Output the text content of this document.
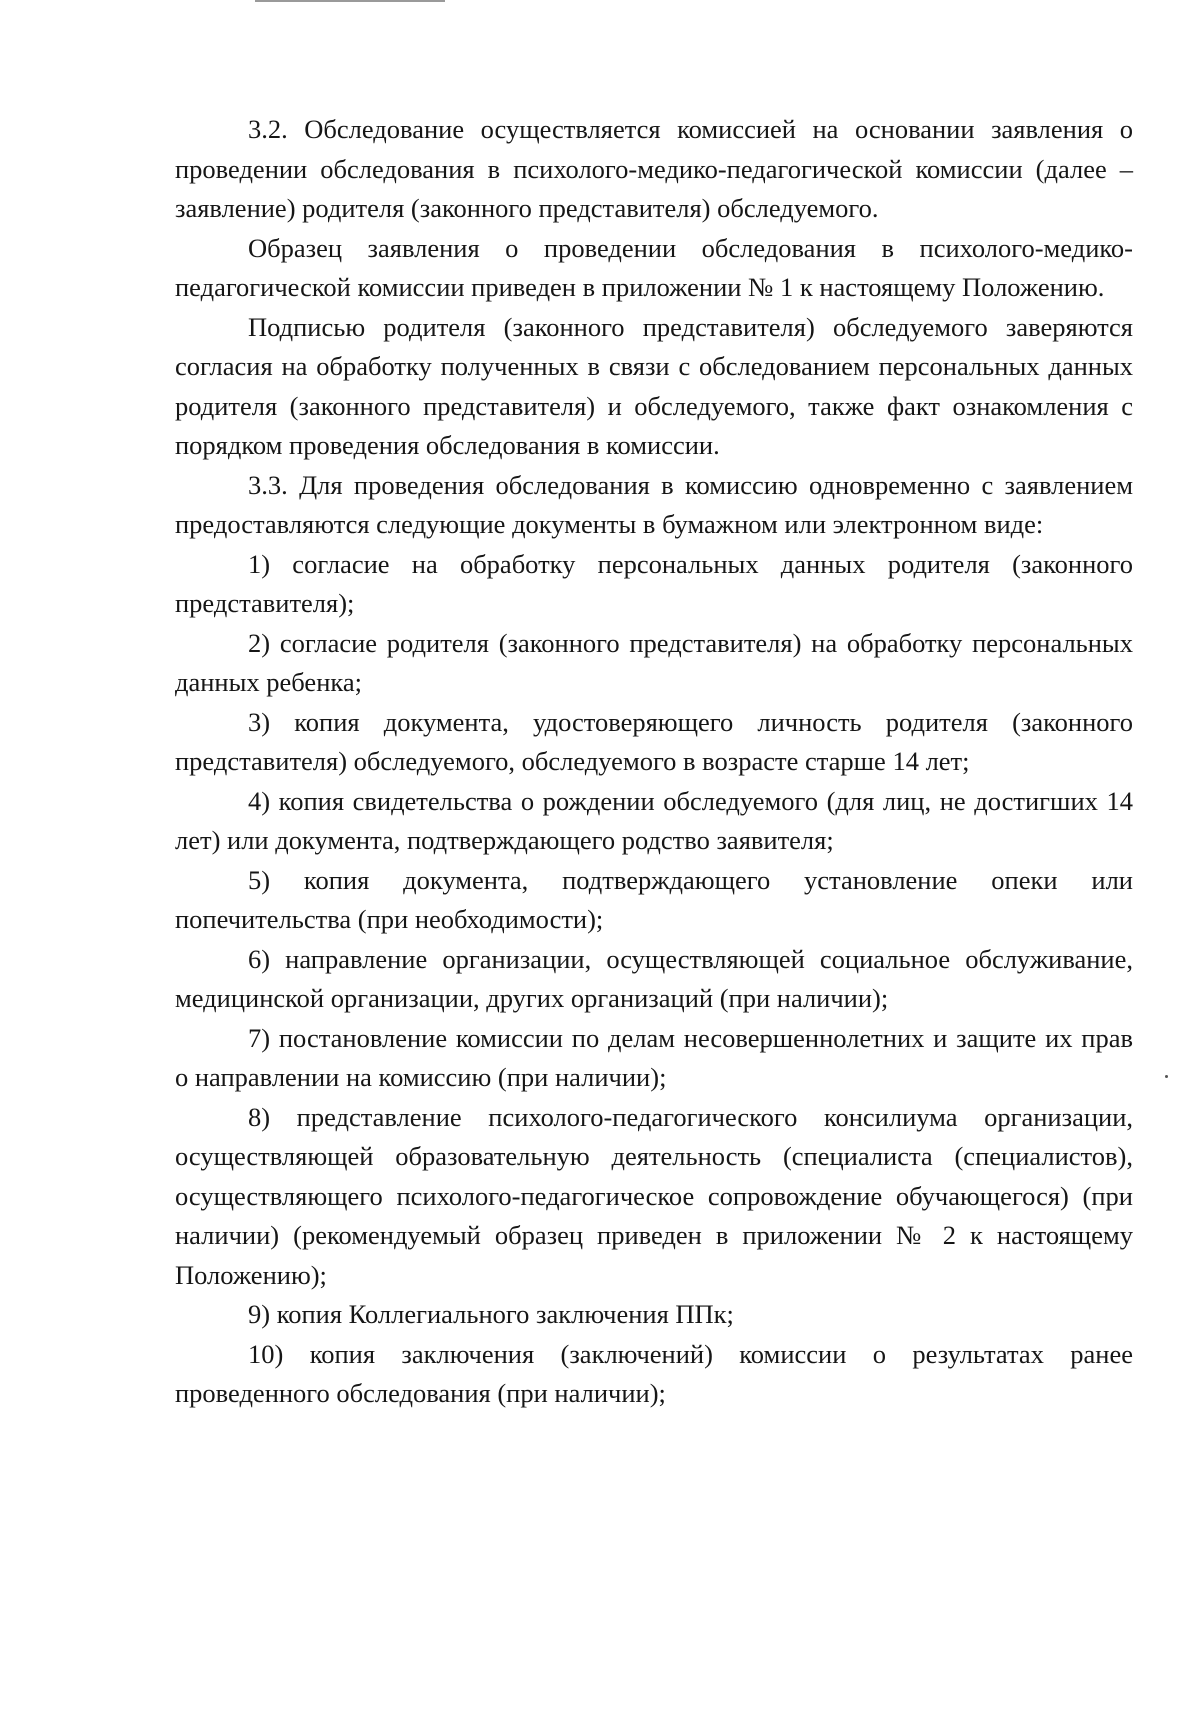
3.2. Обследование осуществляется комиссией на основании заявления о проведении обследования в психолого-медико-педагогической комиссии (далее – заявление) родителя (законного представителя) обследуемого.

Образец заявления о проведении обследования в психолого-медико-педагогической комиссии приведен в приложении № 1 к настоящему Положению.

Подписью родителя (законного представителя) обследуемого заверяются согласия на обработку полученных в связи с обследованием персональных данных родителя (законного представителя) и обследуемого, также факт ознакомления с порядком проведения обследования в комиссии.

3.3. Для проведения обследования в комиссию одновременно с заявлением предоставляются следующие документы в бумажном или электронном виде:

1) согласие на обработку персональных данных родителя (законного представителя);

2) согласие родителя (законного представителя) на обработку персональных данных ребенка;

3) копия документа, удостоверяющего личность родителя (законного представителя) обследуемого, обследуемого в возрасте старше 14 лет;

4) копия свидетельства о рождении обследуемого (для лиц, не достигших 14 лет) или документа, подтверждающего родство заявителя;

5) копия документа, подтверждающего установление опеки или попечительства (при необходимости);

6) направление организации, осуществляющей социальное обслуживание, медицинской организации, других организаций (при наличии);

7) постановление комиссии по делам несовершеннолетних и защите их прав о направлении на комиссию (при наличии);

8) представление психолого-педагогического консилиума организации, осуществляющей образовательную деятельность (специалиста (специалистов), осуществляющего психолого-педагогическое сопровождение обучающегося) (при наличии) (рекомендуемый образец приведен в приложении № 2 к настоящему Положению);

9) копия Коллегиального заключения ППк;

10) копия заключения (заключений) комиссии о результатах ранее проведенного обследования (при наличии);
